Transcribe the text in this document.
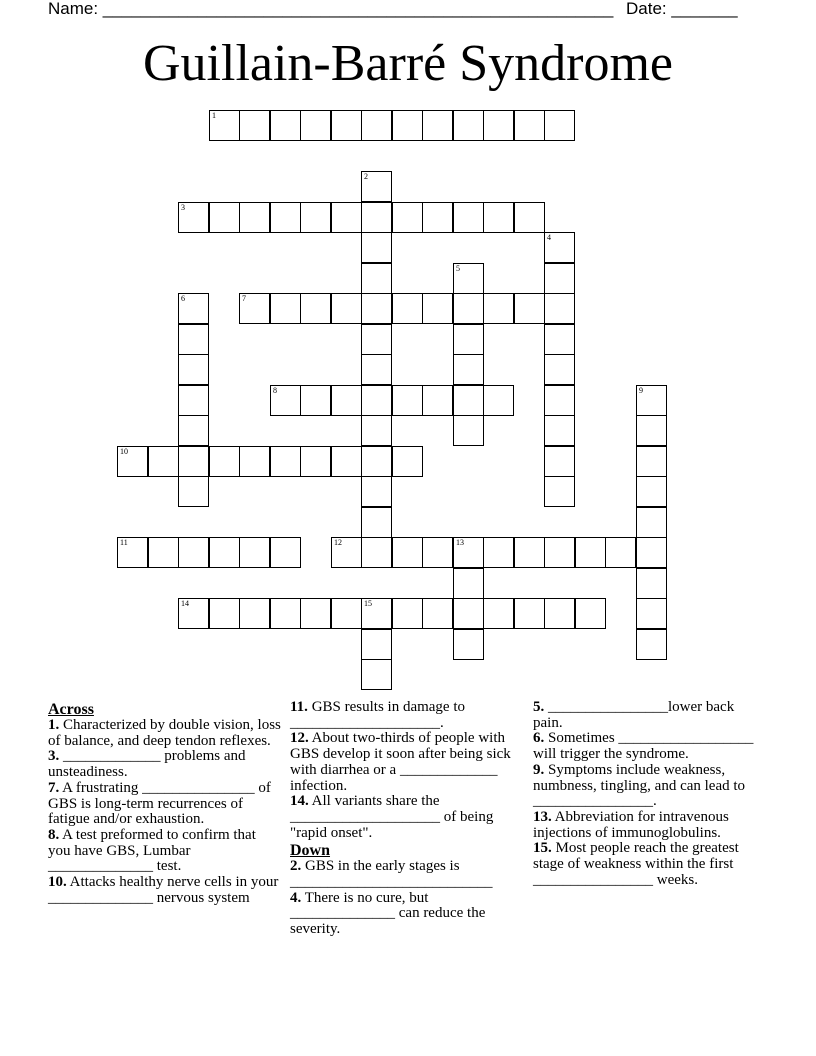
Name: ______________________________________________________ Date: _______
Guillain-Barré Syndrome
1
2
3
4
5
6	7
8	9
10
11	12	13
14	15

Across

1. Characterized by double vision, loss of balance, and deep tendon reflexes.

3. _____________ problems and unsteadiness.

7. A frustrating _______________ of GBS is long-term recurrences of fatigue and/or exhaustion.

8. A test preformed to confirm that you have GBS, Lumbar ______________ test.

10. Attacks healthy nerve cells in your ______________ nervous system

11. GBS results in damage to ____________________.

12. About two-thirds of people with GBS develop it soon after being sick with diarrhea or a _____________ infection.

14. All variants share the ____________________ of being "rapid onset".

Down

2. GBS in the early stages is ___________________________

4. There is no cure, but ______________ can reduce the severity.

5. ________________lower back pain.

6. Sometimes __________________ will trigger the syndrome.

9. Symptoms include weakness, numbness, tingling, and can lead to ________________.

13. Abbreviation for intravenous injections of immunoglobulins.

15. Most people reach the greatest stage of weakness within the first ________________ weeks.
